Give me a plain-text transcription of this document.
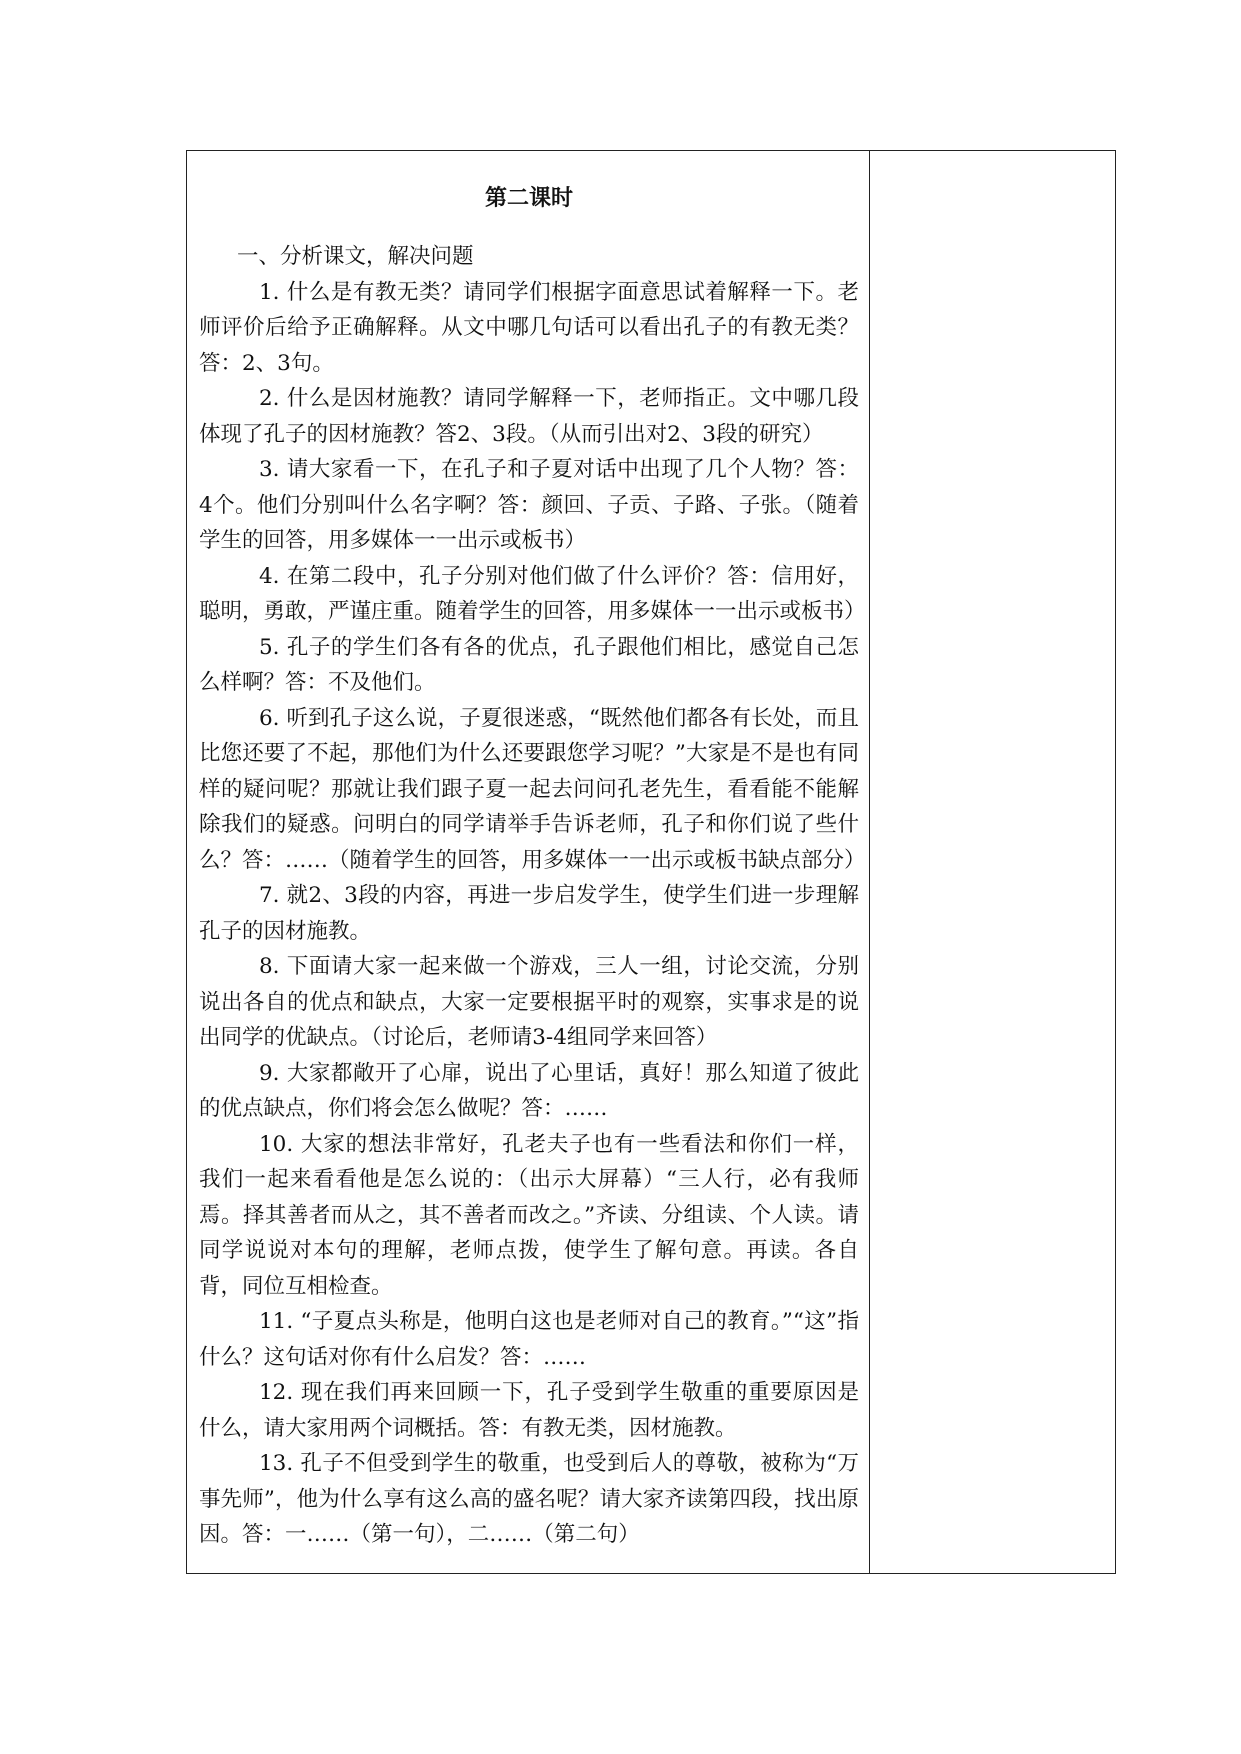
第二课时

一、分析课文，解决问题

1. 什么是有教无类？请同学们根据字面意思试着解释一下。老师评价后给予正确解释。从文中哪几句话可以看出孔子的有教无类？答：2、3句。

2. 什么是因材施教？请同学解释一下，老师指正。文中哪几段体现了孔子的因材施教？答2、3段。（从而引出对2、3段的研究）

3. 请大家看一下，在孔子和子夏对话中出现了几个人物？答：4个。他们分别叫什么名字啊？答：颜回、子贡、子路、子张。（随着学生的回答，用多媒体一一出示或板书）

4. 在第二段中，孔子分别对他们做了什么评价？答：信用好，聪明，勇敢，严谨庄重。随着学生的回答，用多媒体一一出示或板书）

5. 孔子的学生们各有各的优点，孔子跟他们相比，感觉自己怎么样啊？答：不及他们。

6. 听到孔子这么说，子夏很迷惑，“既然他们都各有长处，而且比您还要了不起，那他们为什么还要跟您学习呢？”大家是不是也有同样的疑问呢？那就让我们跟子夏一起去问问孔老先生，看看能不能解除我们的疑惑。问明白的同学请举手告诉老师，孔子和你们说了些什么？答：……（随着学生的回答，用多媒体一一出示或板书缺点部分）

7. 就2、3段的内容，再进一步启发学生，使学生们进一步理解孔子的因材施教。

8. 下面请大家一起来做一个游戏，三人一组，讨论交流，分别说出各自的优点和缺点，大家一定要根据平时的观察，实事求是的说出同学的优缺点。（讨论后，老师请3-4组同学来回答）

9. 大家都敞开了心扉，说出了心里话，真好！那么知道了彼此的优点缺点，你们将会怎么做呢？答：……

10. 大家的想法非常好，孔老夫子也有一些看法和你们一样，我们一起来看看他是怎么说的：（出示大屏幕）“三人行，必有我师焉。择其善者而从之，其不善者而改之。”齐读、分组读、个人读。请同学说说对本句的理解，老师点拨，使学生了解句意。再读。各自背，同位互相检查。

11. “子夏点头称是，他明白这也是老师对自己的教育。”“这”指什么？这句话对你有什么启发？答：……

12. 现在我们再来回顾一下，孔子受到学生敬重的重要原因是什么，请大家用两个词概括。答：有教无类，因材施教。

13. 孔子不但受到学生的敬重，也受到后人的尊敬，被称为“万事先师”，他为什么享有这么高的盛名呢？请大家齐读第四段，找出原因。答：一……（第一句），二……（第二句）
